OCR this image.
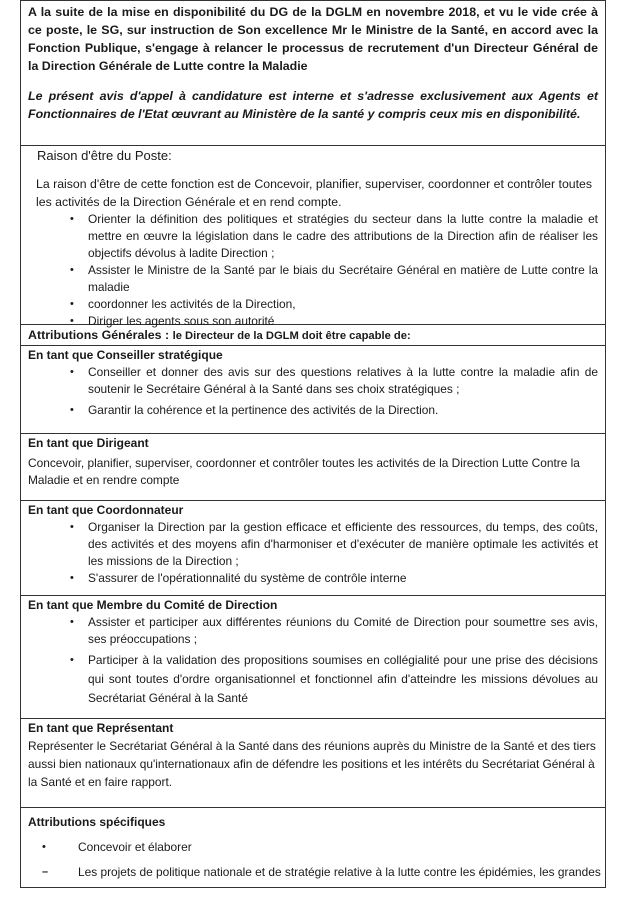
A la suite de la mise en disponibilité du DG de la DGLM en novembre 2018, et vu le vide crée à ce poste, le SG, sur instruction de Son excellence Mr le Ministre de la Santé, en accord avec la Fonction Publique, s'engage à relancer le processus de recrutement d'un Directeur Général de la Direction Générale de Lutte contre la Maladie

Le présent avis d'appel à candidature est interne et s'adresse exclusivement aux Agents et Fonctionnaires de l'Etat œuvrant au Ministère de la santé y compris ceux mis en disponibilité.

Raison d'être du Poste:
La raison d'être de cette fonction est de Concevoir, planifier, superviser, coordonner et contrôler toutes les activités de la Direction Générale et en rend compte.
• Orienter la définition des politiques et stratégies du secteur dans la lutte contre la maladie et mettre en œuvre la législation dans le cadre des attributions de la Direction afin de réaliser les objectifs dévolus à ladite Direction ;
• Assister le Ministre de la Santé par le biais du Secrétaire Général en matière de Lutte contre la maladie
• coordonner les activités de la Direction,
• Diriger les agents sous son autorité
Attributions Générales : le Directeur de la DGLM doit être capable de:
En tant que Conseiller stratégique
• Conseiller et donner des avis sur des questions relatives à la lutte contre la maladie afin de soutenir le Secrétaire Général à la Santé dans ses choix stratégiques ;
• Garantir la cohérence et la pertinence des activités de la Direction.
En tant que Dirigeant
Concevoir, planifier, superviser, coordonner et contrôler toutes les activités de la Direction Lutte Contre la Maladie et en rendre compte
En tant que Coordonnateur
• Organiser la Direction par la gestion efficace et efficiente des ressources, du temps, des coûts, des activités et des moyens afin d'harmoniser et d'exécuter de manière optimale les activités et les missions de la Direction ;
• S'assurer de l'opérationnalité du système de contrôle interne
En tant que Membre du Comité de Direction
• Assister et participer aux différentes réunions du Comité de Direction pour soumettre ses avis, ses préoccupations ;
• Participer à la validation des propositions soumises en collégialité pour une prise des décisions qui sont toutes d'ordre organisationnel et fonctionnel afin d'atteindre les missions dévolues au Secrétariat Général à la Santé
En tant que Représentant
Représenter le Secrétariat Général à la Santé dans des réunions auprès du Ministre de la Santé et des tiers aussi bien nationaux qu'internationaux afin de défendre les positions et les intérêts du Secrétariat Général à la Santé et en faire rapport.
Attributions spécifiques
•	Concevoir et élaborer
–	Les projets de politique nationale et de stratégie relative à la lutte contre les épidémies, les grandes
